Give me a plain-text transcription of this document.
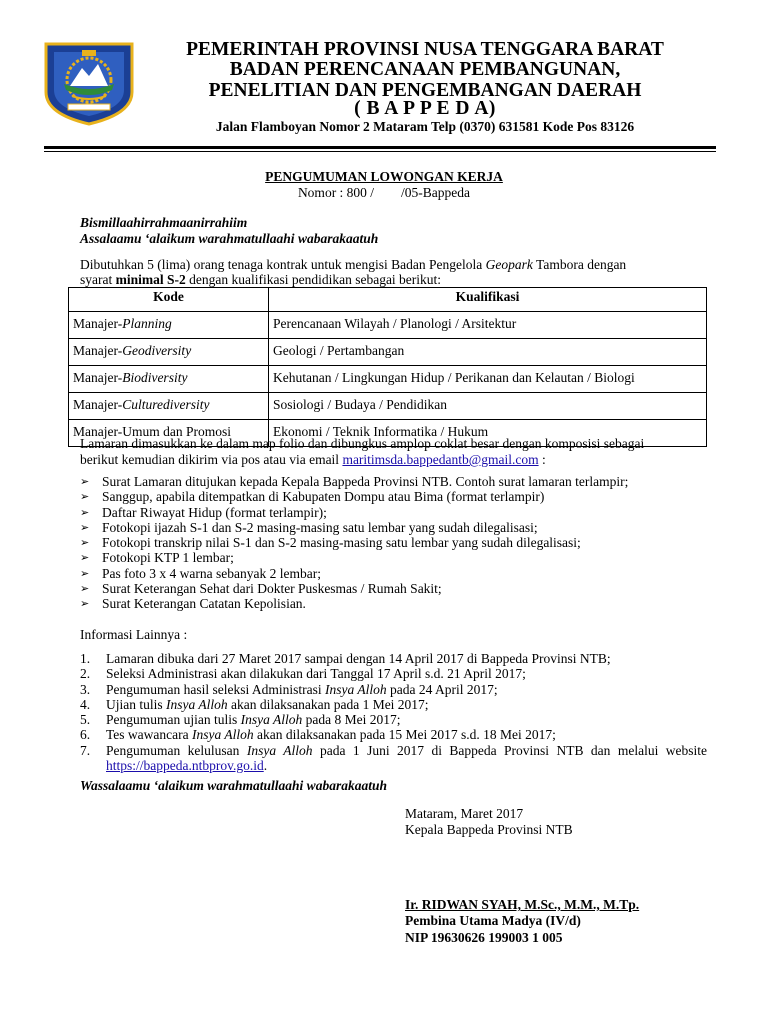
PEMERINTAH PROVINSI NUSA TENGGARA BARAT
BADAN PERENCANAAN PEMBANGUNAN,
PENELITIAN DAN PENGEMBANGAN DAERAH
( B A P P E D A)
Jalan Flamboyan Nomor 2 Mataram Telp (0370) 631581 Kode Pos 83126
PENGUMUMAN LOWONGAN KERJA
Nomor : 800 /        /05-Bappeda
Bismillaahirrahmaanirrahiim
Assalaamu ‘alaikum warahmatullaahi wabarakaatuh
Dibutuhkan 5 (lima) orang tenaga kontrak untuk mengisi Badan Pengelola Geopark Tambora dengan
syarat minimal S-2 dengan kualifikasi pendidikan sebagai berikut:
Kode	Kualifikasi
Manajer-Planning	Perencanaan Wilayah / Planologi / Arsitektur
Manajer-Geodiversity	Geologi / Pertambangan
Manajer-Biodiversity	Kehutanan / Lingkungan Hidup / Perikanan dan Kelautan / Biologi
Manajer-Culturediversity	Sosiologi / Budaya / Pendidikan
Manajer-Umum dan Promosi	Ekonomi / Teknik Informatika / Hukum
Lamaran dimasukkan ke dalam map folio dan dibungkus amplop coklat besar dengan komposisi sebagai
berikut kemudian dikirim via pos atau via email maritimsda.bappedantb@gmail.com :
➢ Surat Lamaran ditujukan kepada Kepala Bappeda Provinsi NTB. Contoh surat lamaran terlampir;
➢ Sanggup, apabila ditempatkan di Kabupaten Dompu atau Bima (format terlampir)
➢ Daftar Riwayat Hidup (format terlampir);
➢ Fotokopi ijazah S-1 dan S-2 masing-masing satu lembar yang sudah dilegalisasi;
➢ Fotokopi transkrip nilai S-1 dan S-2 masing-masing satu lembar yang sudah dilegalisasi;
➢ Fotokopi KTP 1 lembar;
➢ Pas foto 3 x 4 warna sebanyak 2 lembar;
➢ Surat Keterangan Sehat dari Dokter Puskesmas / Rumah Sakit;
➢ Surat Keterangan Catatan Kepolisian.
Informasi Lainnya :
1. Lamaran dibuka dari 27 Maret 2017 sampai dengan 14 April 2017 di Bappeda Provinsi NTB;
2. Seleksi Administrasi akan dilakukan dari Tanggal 17 April s.d. 21 April 2017;
3. Pengumuman hasil seleksi Administrasi Insya Alloh pada 24 April 2017;
4. Ujian tulis Insya Alloh akan dilaksanakan pada 1 Mei 2017;
5. Pengumuman ujian tulis Insya Alloh pada 8 Mei 2017;
6. Tes wawancara Insya Alloh akan dilaksanakan pada 15 Mei 2017 s.d. 18 Mei 2017;
7. Pengumuman kelulusan Insya Alloh pada 1 Juni 2017 di Bappeda Provinsi NTB dan melalui website https://bappeda.ntbprov.go.id.
Wassalaamu ‘alaikum warahmatullaahi wabarakaatuh
Mataram, Maret 2017
Kepala Bappeda Provinsi NTB
Ir. RIDWAN SYAH, M.Sc., M.M., M.Tp.
Pembina Utama Madya (IV/d)
NIP 19630626 199003 1 005
